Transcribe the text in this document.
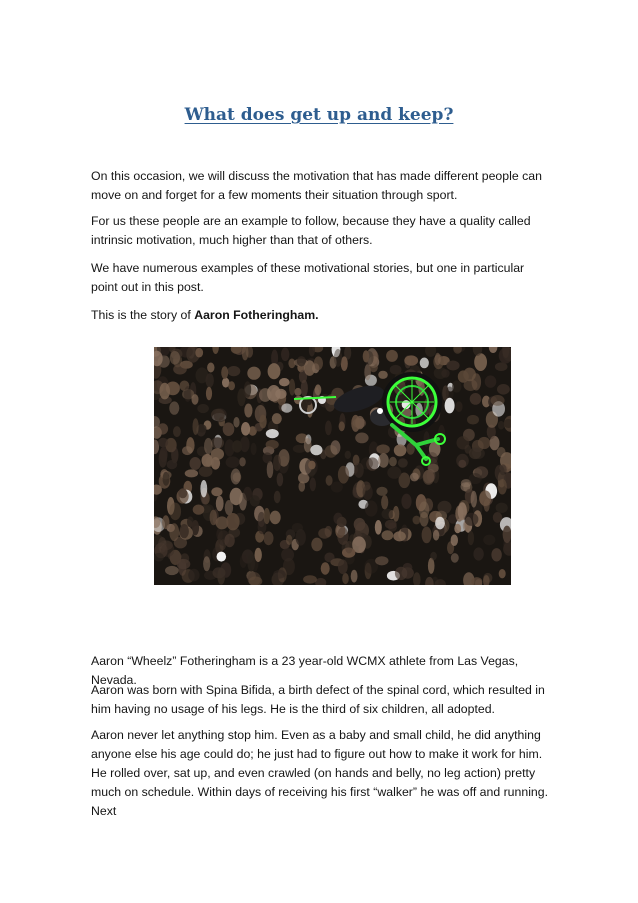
What does get up and keep?

On this occasion, we will discuss the motivation that has made different people can move on and forget for a few moments their situation through sport.

For us these people are an example to follow, because they have a quality called intrinsic motivation, much higher than that of others.

We have numerous examples of these motivational stories, but one in particular point out in this post.

This is the story of Aaron Fotheringham.

Aaron “Wheelz” Fotheringham is a 23 year-old WCMX athlete from Las Vegas, Nevada.

Aaron was born with Spina Bifida, a birth defect of the spinal cord, which resulted in him having no usage of his legs. He is the third of six children, all adopted.

Aaron never let anything stop him. Even as a baby and small child, he did anything anyone else his age could do; he just had to figure out how to make it work for him. He rolled over, sat up, and even crawled (on hands and belly, no leg action) pretty much on schedule. Within days of receiving his first “walker” he was off and running. Next
